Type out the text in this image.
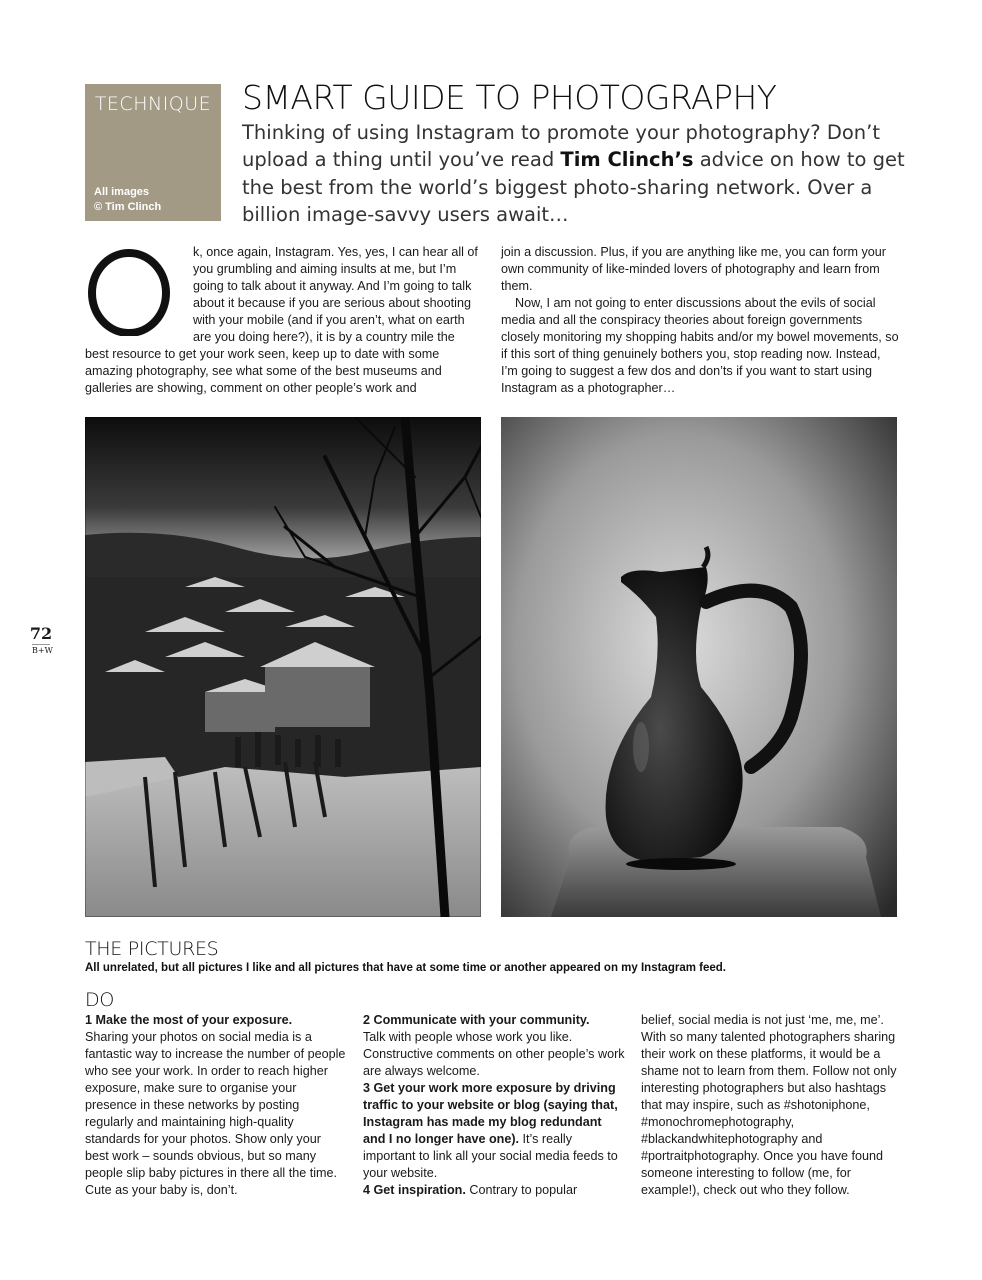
TECHNIQUE
All images
© Tim Clinch
SMART GUIDE TO PHOTOGRAPHY
Thinking of using Instagram to promote your photography? Don’t upload a thing until you’ve read Tim Clinch’s advice on how to get the best from the world’s biggest photo-sharing network. Over a billion image-savvy users await…
k, once again, Instagram. Yes, yes, I can hear all of you grumbling and aiming insults at me, but I’m going to talk about it anyway. And I’m going to talk about it because if you are serious about shooting with your mobile (and if you aren’t, what on earth are you doing here?), it is by a country mile the best resource to get your work seen, keep up to date with some amazing photography, see what some of the best museums and galleries are showing, comment on other people’s work and
join a discussion. Plus, if you are anything like me, you can form your own community of like-minded lovers of photography and learn from them.
Now, I am not going to enter discussions about the evils of social media and all the conspiracy theories about foreign governments closely monitoring my shopping habits and/or my bowel movements, so if this sort of thing genuinely bothers you, stop reading now. Instead, I’m going to suggest a few dos and don’ts if you want to start using Instagram as a photographer…
72
B+W
THE PICTURES
All unrelated, but all pictures I like and all pictures that have at some time or another appeared on my Instagram feed.
DO
1 Make the most of your exposure.
Sharing your photos on social media is a fantastic way to increase the number of people who see your work. In order to reach higher exposure, make sure to organise your presence in these networks by posting regularly and maintaining high-quality standards for your photos. Show only your best work – sounds obvious, but so many people slip baby pictures in there all the time. Cute as your baby is, don’t.
2 Communicate with your community.
Talk with people whose work you like. Constructive comments on other people’s work are always welcome.
3 Get your work more exposure by driving traffic to your website or blog (saying that, Instagram has made my blog redundant and I no longer have one). It’s really important to link all your social media feeds to your website.
4 Get inspiration. Contrary to popular
belief, social media is not just ‘me, me, me’. With so many talented photographers sharing their work on these platforms, it would be a shame not to learn from them. Follow not only interesting photographers but also hashtags that may inspire, such as #shotoniphone, #monochromephotography, #blackandwhitephotography and #portraitphotography. Once you have found someone interesting to follow (me, for example!), check out who they follow.
